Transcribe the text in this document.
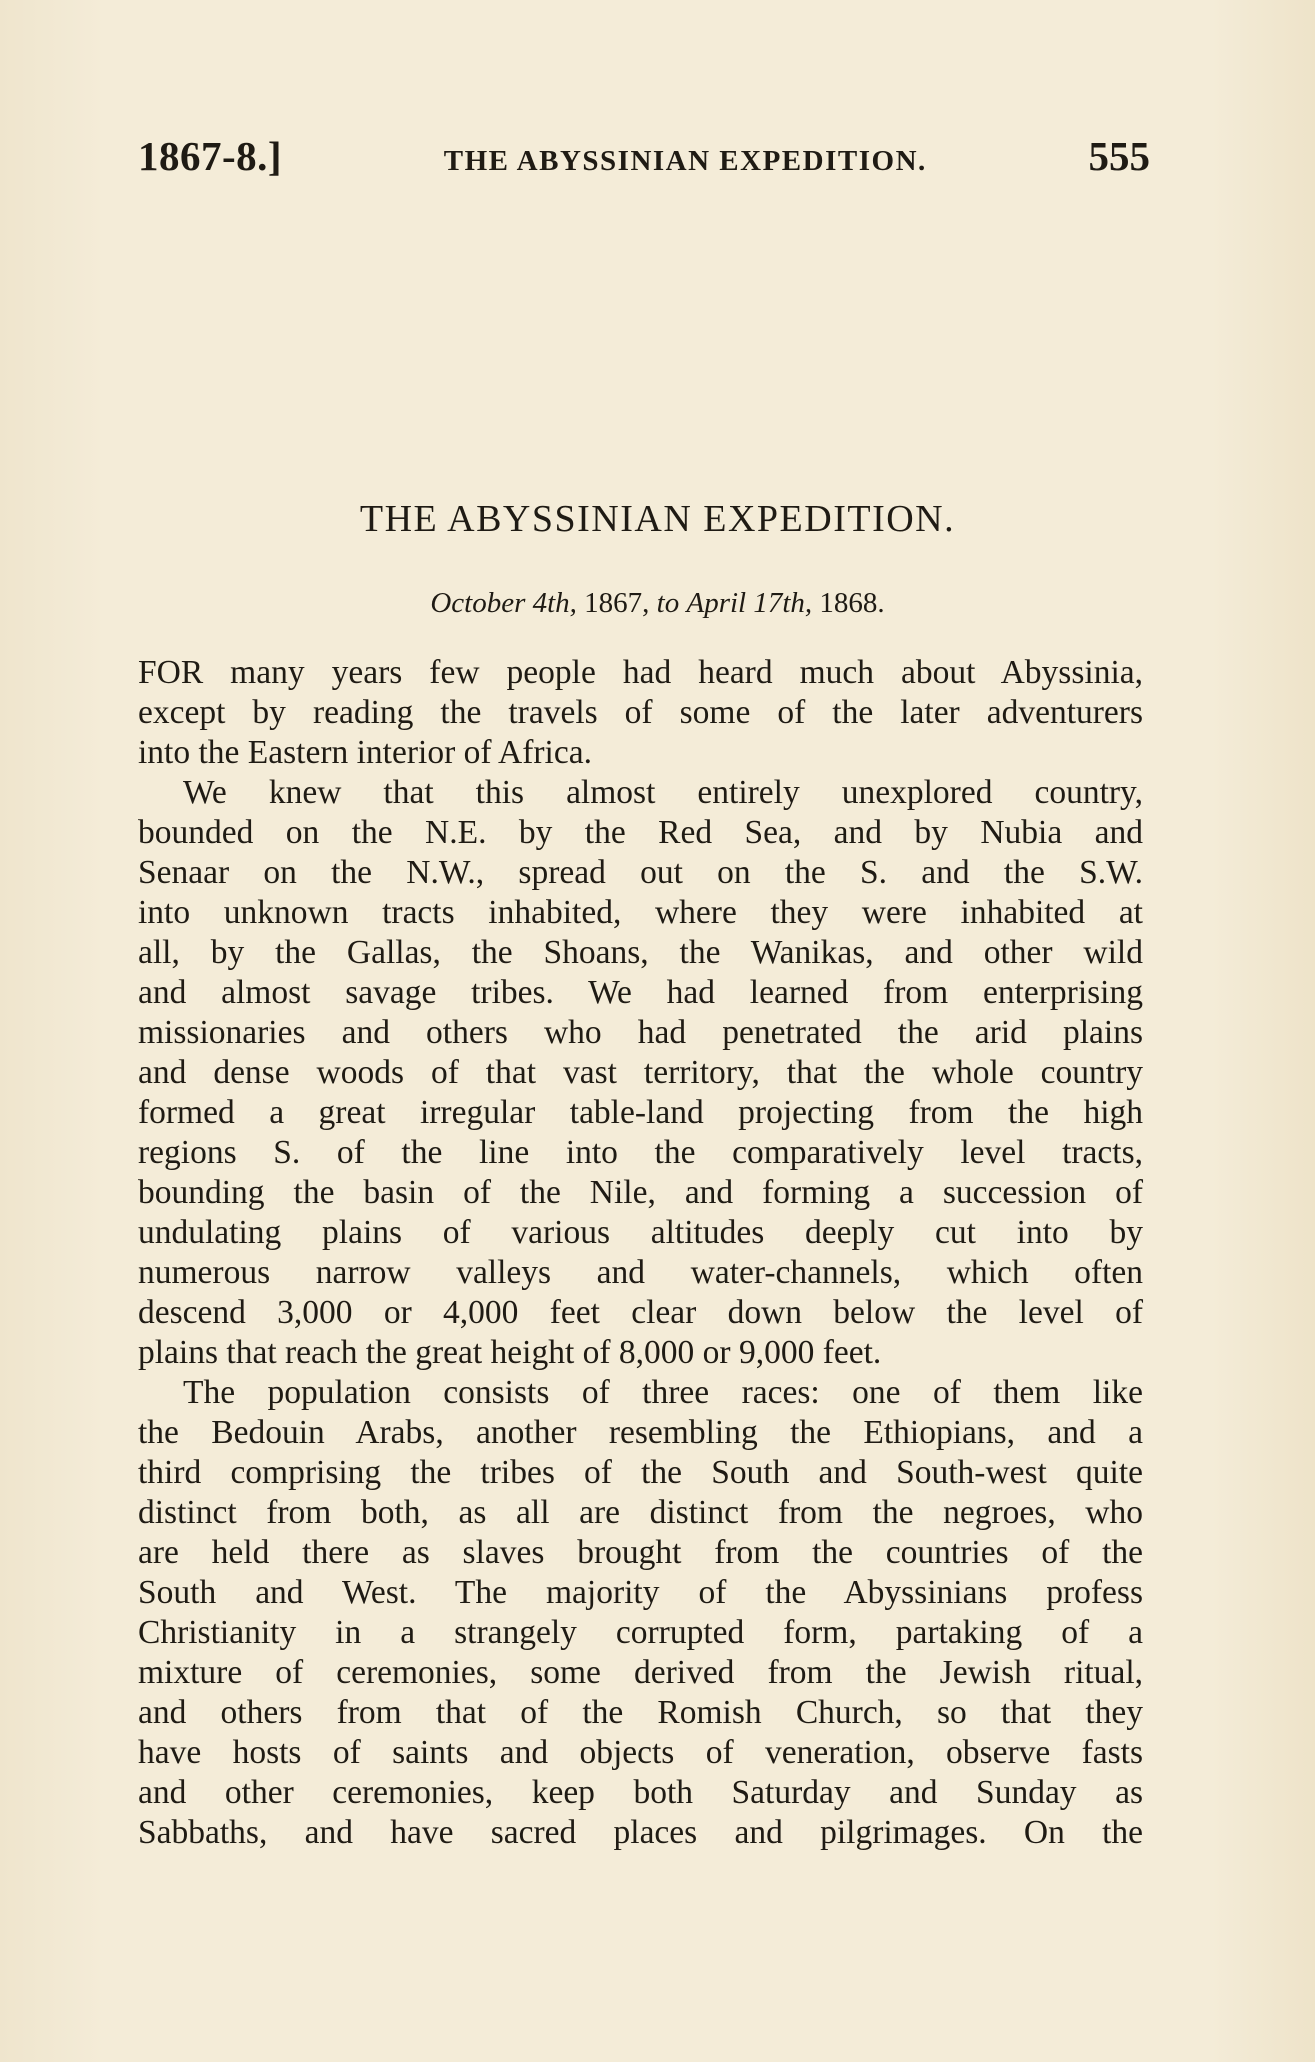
1867-8.]	THE ABYSSINIAN EXPEDITION.	555
THE ABYSSINIAN EXPEDITION.
October 4th, 1867, to April 17th, 1868.
FOR many years few people had heard much about Abyssinia,
except by reading the travels of some of the later adventurers
into the Eastern interior of Africa.
We knew that this almost entirely unexplored country,
bounded on the N.E. by the Red Sea, and by Nubia and
Senaar on the N.W., spread out on the S. and the S.W.
into unknown tracts inhabited, where they were inhabited at
all, by the Gallas, the Shoans, the Wanikas, and other wild
and almost savage tribes. We had learned from enterprising
missionaries and others who had penetrated the arid plains
and dense woods of that vast territory, that the whole country
formed a great irregular table-land projecting from the high
regions S. of the line into the comparatively level tracts,
bounding the basin of the Nile, and forming a succession of
undulating plains of various altitudes deeply cut into by
numerous narrow valleys and water-channels, which often
descend 3,000 or 4,000 feet clear down below the level of
plains that reach the great height of 8,000 or 9,000 feet.
The population consists of three races: one of them like
the Bedouin Arabs, another resembling the Ethiopians, and a
third comprising the tribes of the South and South-west quite
distinct from both, as all are distinct from the negroes, who
are held there as slaves brought from the countries of the
South and West. The majority of the Abyssinians profess
Christianity in a strangely corrupted form, partaking of a
mixture of ceremonies, some derived from the Jewish ritual,
and others from that of the Romish Church, so that they
have hosts of saints and objects of veneration, observe fasts
and other ceremonies, keep both Saturday and Sunday as
Sabbaths, and have sacred places and pilgrimages. On the
